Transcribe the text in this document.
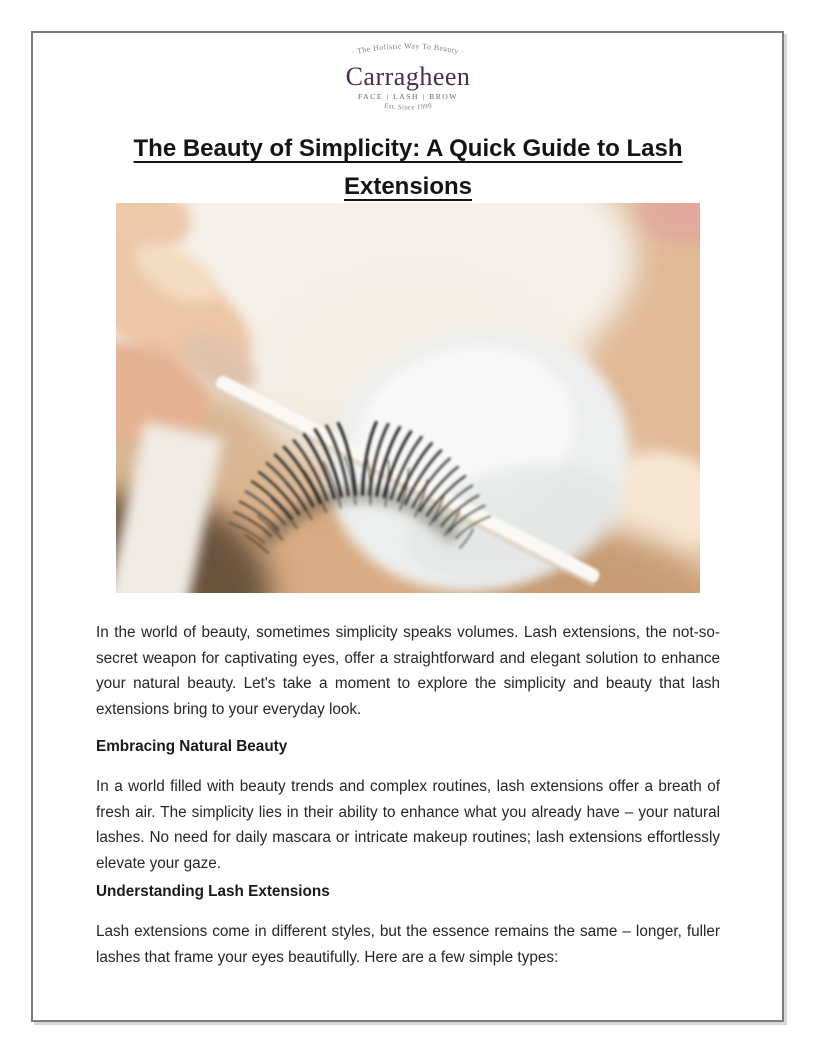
· The Holistic Way To Beauty ·
Carragheen
FACE | LASH | BROW
Est. Since 1999
The Beauty of Simplicity: A Quick Guide to Lash
Extensions

In the world of beauty, sometimes simplicity speaks volumes. Lash extensions, the not-so-secret weapon for captivating eyes, offer a straightforward and elegant solution to enhance your natural beauty. Let's take a moment to explore the simplicity and beauty that lash extensions bring to your everyday look.

Embracing Natural Beauty

In a world filled with beauty trends and complex routines, lash extensions offer a breath of fresh air. The simplicity lies in their ability to enhance what you already have – your natural lashes. No need for daily mascara or intricate makeup routines; lash extensions effortlessly elevate your gaze.

Understanding Lash Extensions

Lash extensions come in different styles, but the essence remains the same – longer, fuller lashes that frame your eyes beautifully. Here are a few simple types:
